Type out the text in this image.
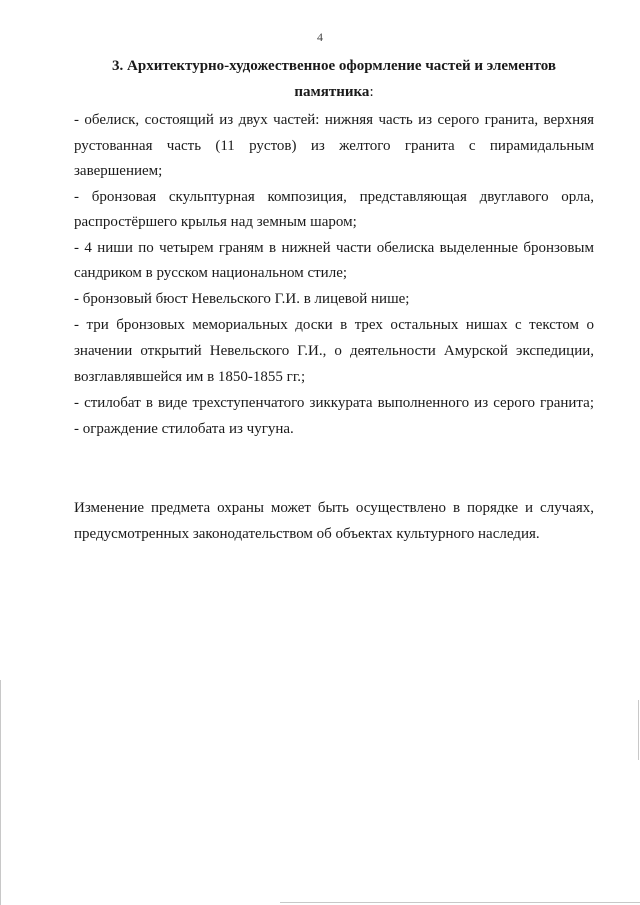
4
3. Архитектурно-художественное оформление частей и элементов
памятника:
- обелиск, состоящий из двух частей: нижняя часть из серого гранита, верхняя
рустованная часть (11 рустов) из желтого гранита с пирамидальным
завершением;
- бронзовая скульптурная композиция, представляющая двуглавого орла,
распростёршего крылья над земным шаром;
- 4 ниши по четырем граням в нижней части обелиска выделенные бронзовым
сандриком в русском национальном стиле;
- бронзовый бюст Невельского Г.И. в лицевой нише;
- три бронзовых мемориальных доски в трех остальных нишах с текстом о
значении открытий Невельского Г.И., о деятельности Амурской экспедиции,
возглавлявшейся им в 1850-1855 гг.;
- стилобат в виде трехступенчатого зиккурата выполненного из серого гранита;
- ограждение стилобата из чугуна.
Изменение предмета охраны может быть осуществлено в порядке и случаях,
предусмотренных законодательством об объектах культурного наследия.
